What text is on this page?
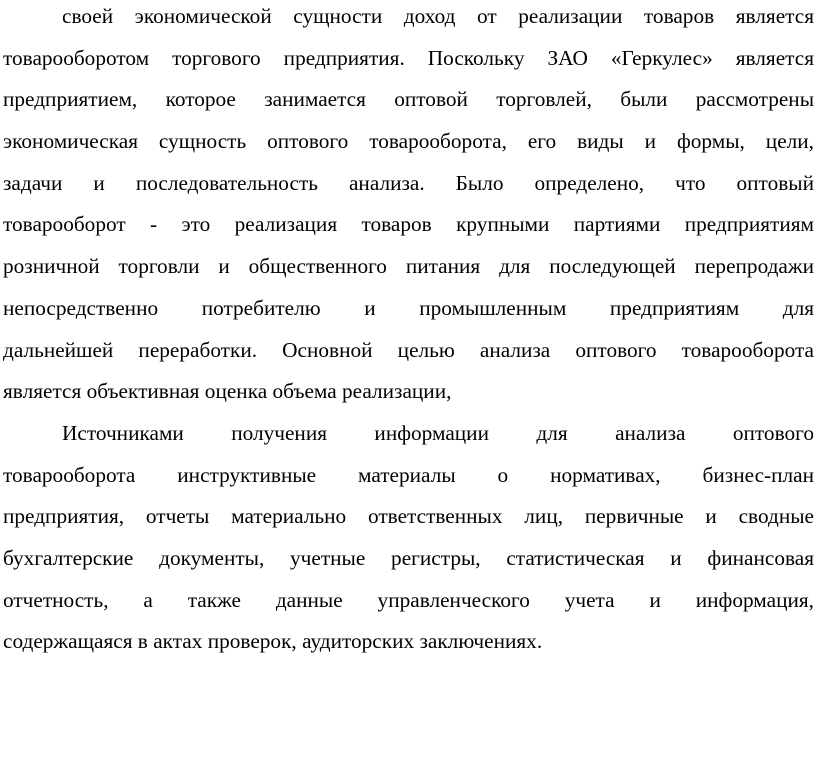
своей экономической сущности доход от реализации товаров является
товарооборотом торгового предприятия. Поскольку ЗАО «Геркулес» является
предприятием, которое занимается оптовой торговлей, были рассмотрены
экономическая сущность оптового товарооборота, его виды и формы, цели,
задачи и последовательность анализа. Было определено, что оптовый
товарооборот - это реализация товаров крупными партиями предприятиям
розничной торговли и общественного питания для последующей перепродажи
непосредственно потребителю и промышленным предприятиям для
дальнейшей переработки. Основной целью анализа оптового товарооборота
является объективная оценка объема реализации,

Источниками получения информации для анализа оптового
товарооборота инструктивные материалы о нормативах, бизнес-план
предприятия, отчеты материально ответственных лиц, первичные и сводные
бухгалтерские документы, учетные регистры, статистическая и финансовая
отчетность, а также данные управленческого учета и информация,
содержащаяся в актах проверок, аудиторских заключениях.
